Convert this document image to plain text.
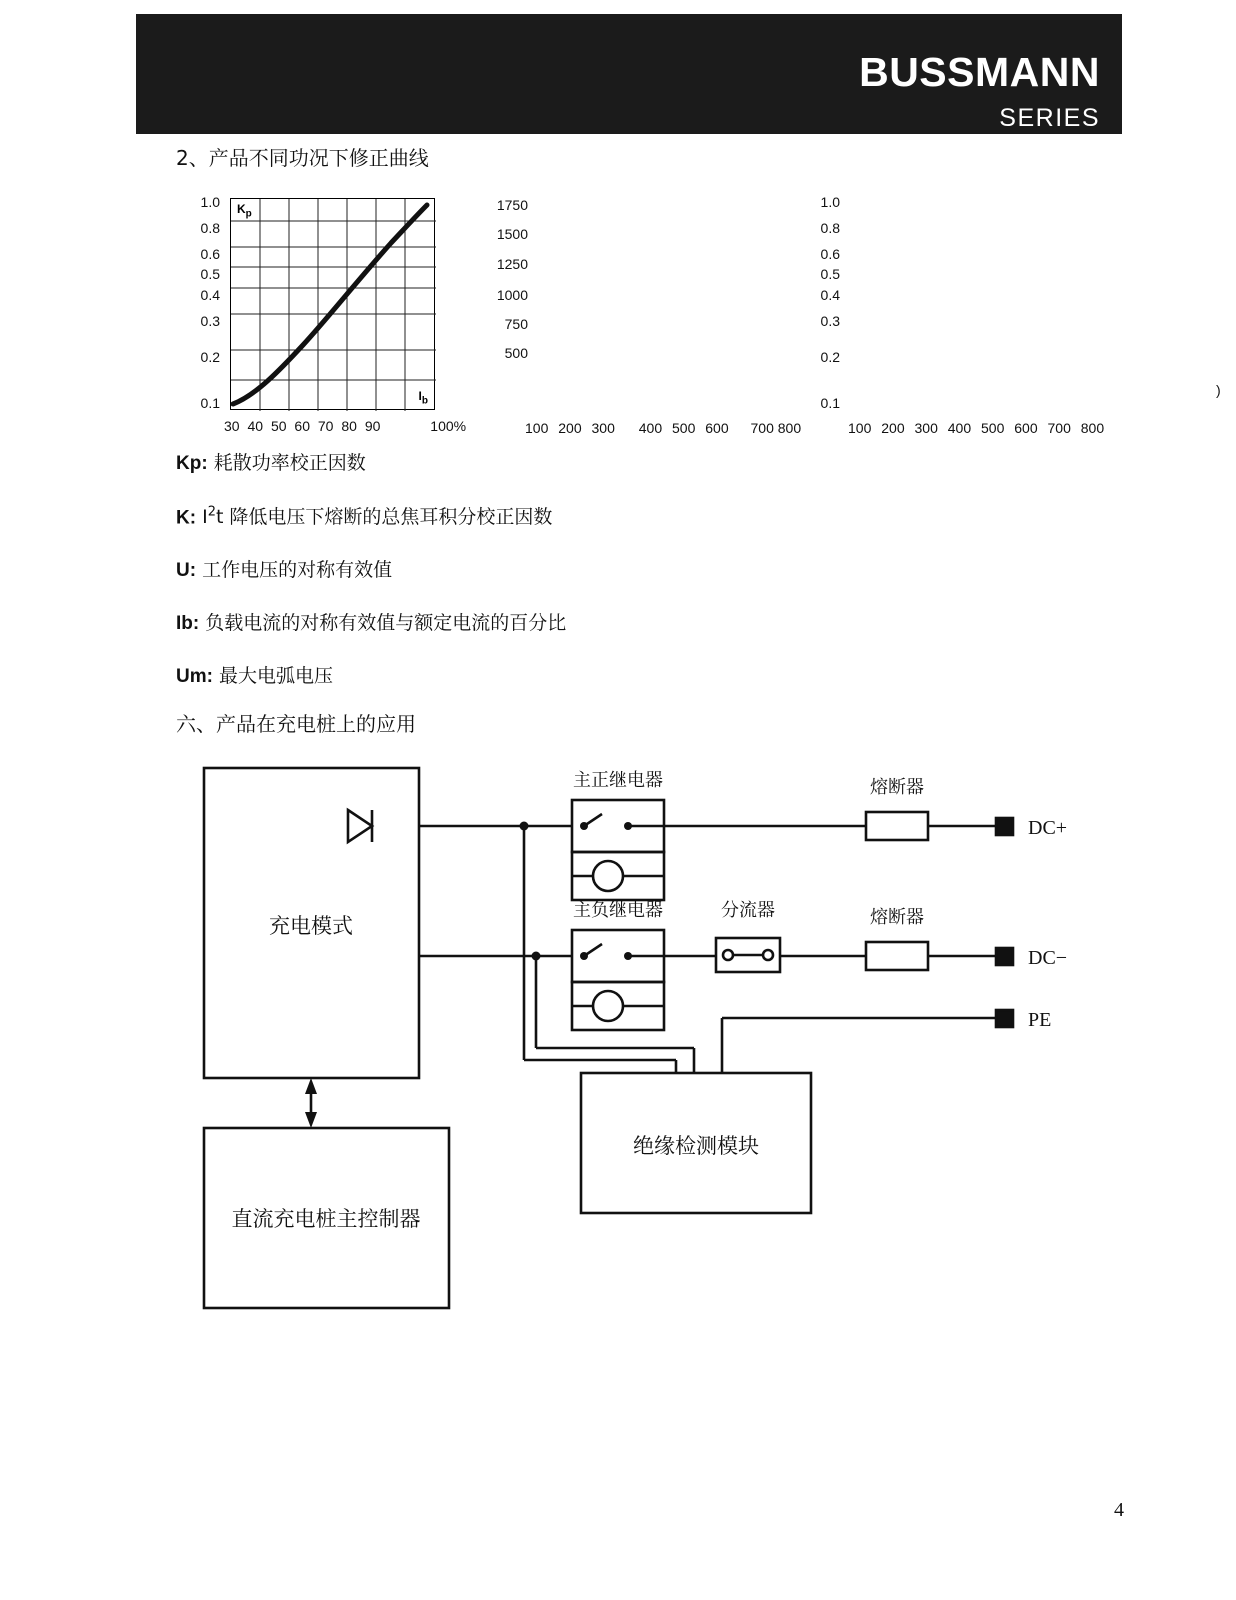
BUSSMANN
SERIES
2、产品不同功况下修正曲线
1.0
0.8
0.6
0.5
0.4
0.3
0.2
0.1
$K_p$
$I_b$
30 40 50 60 70 80 90	100%
1750
1500
1250
1000
750
500
100 200 300 400 500 600 700 800
1.0
0.8
0.6
0.5
0.4
0.3
0.2
0.1
100 200 300 400 500 600 700 800
)

Kp: 耗散功率校正因数

K: $I^2t$ 降低电压下熔断的总焦耳积分校正因数

U: 工作电压的对称有效值

Ib: 负载电流的对称有效值与额定电流的百分比

Um: 最大电弧电压

六、产品在充电桩上的应用
充电模式
直流充电桩主控制器
绝缘检测模块
主正继电器
主负继电器	分流器
熔断器
熔断器
DC+
DC−
PE
4
